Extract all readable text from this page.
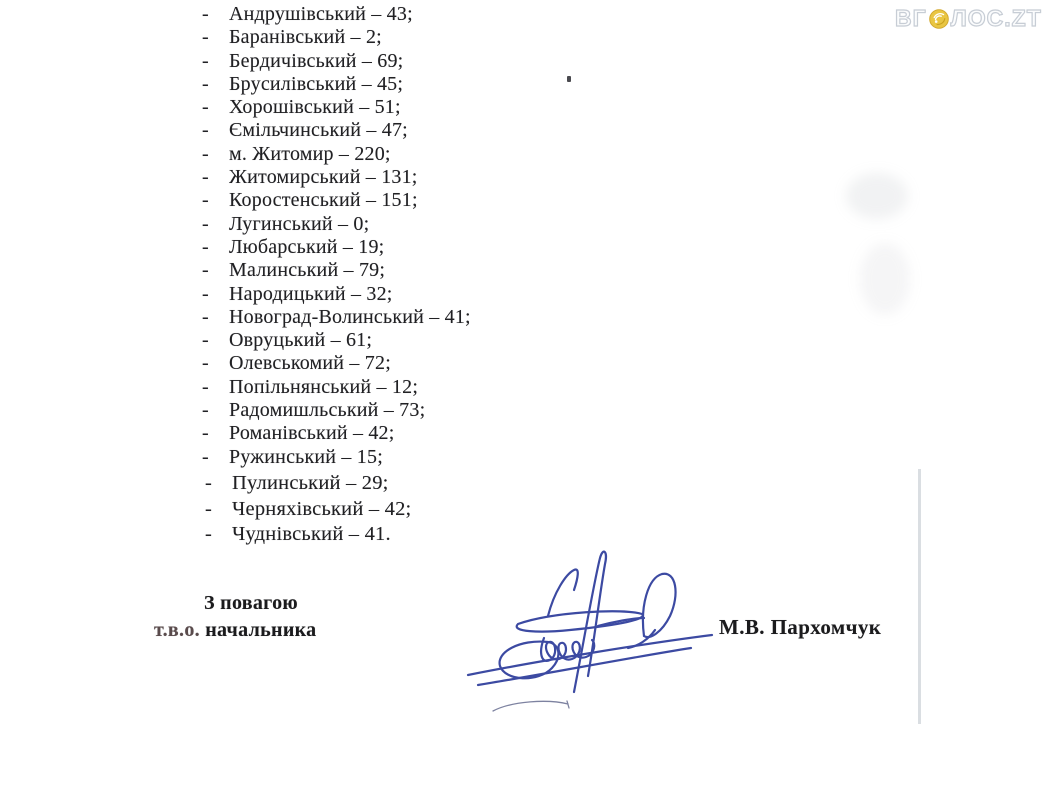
ВГ ЛОС.ZT
-	Андрушівський – 43;
-	Баранівський – 2;
-	Бердичівський – 69;
-	Брусилівський – 45;
-	Хорошівський – 51;
-	Ємільчинський – 47;
-	м. Житомир – 220;
-	Житомирський – 131;
-	Коростенський – 151;
-	Лугинський – 0;
-	Любарський – 19;
-	Малинський – 79;
-	Народицький – 32;
-	Новоград-Волинський – 41;
-	Овруцький – 61;
-	Олевськомий – 72;
-	Попільнянський – 12;
-	Радомишльський – 73;
-	Романівський – 42;
-	Ружинський – 15;
- Пулинський – 29;
- Черняхівський – 42;
- Чуднівський – 41.
З повагою
т.в.о. начальника	М.В. Пархомчук
